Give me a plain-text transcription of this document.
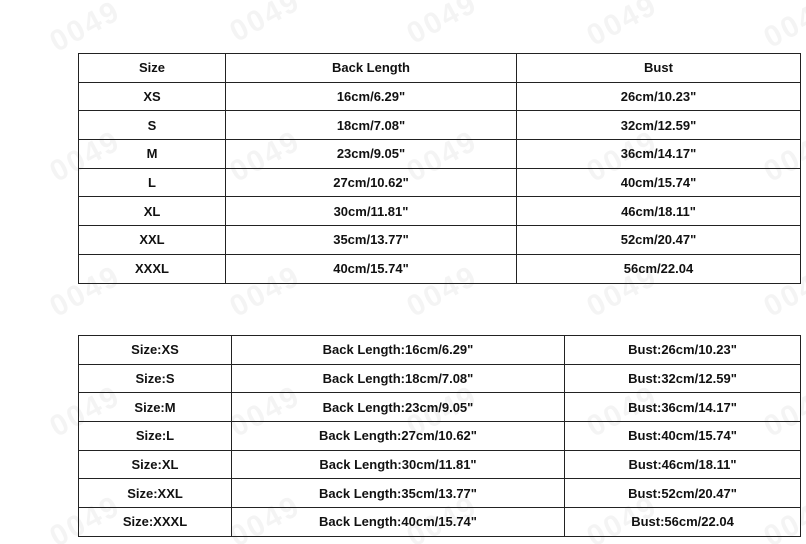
Size	Back Length	Bust
XS	16cm/6.29"	26cm/10.23"
S	18cm/7.08"	32cm/12.59"
M	23cm/9.05"	36cm/14.17"
L	27cm/10.62"	40cm/15.74"
XL	30cm/11.81"	46cm/18.11"
XXL	35cm/13.77"	52cm/20.47"
XXXL	40cm/15.74"	56cm/22.04
Size:XS	Back Length:16cm/6.29"	Bust:26cm/10.23"
Size:S	Back Length:18cm/7.08"	Bust:32cm/12.59"
Size:M	Back Length:23cm/9.05"	Bust:36cm/14.17"
Size:L	Back Length:27cm/10.62"	Bust:40cm/15.74"
Size:XL	Back Length:30cm/11.81"	Bust:46cm/18.11"
Size:XXL	Back Length:35cm/13.77"	Bust:52cm/20.47"
Size:XXXL	Back Length:40cm/15.74"	Bust:56cm/22.04
